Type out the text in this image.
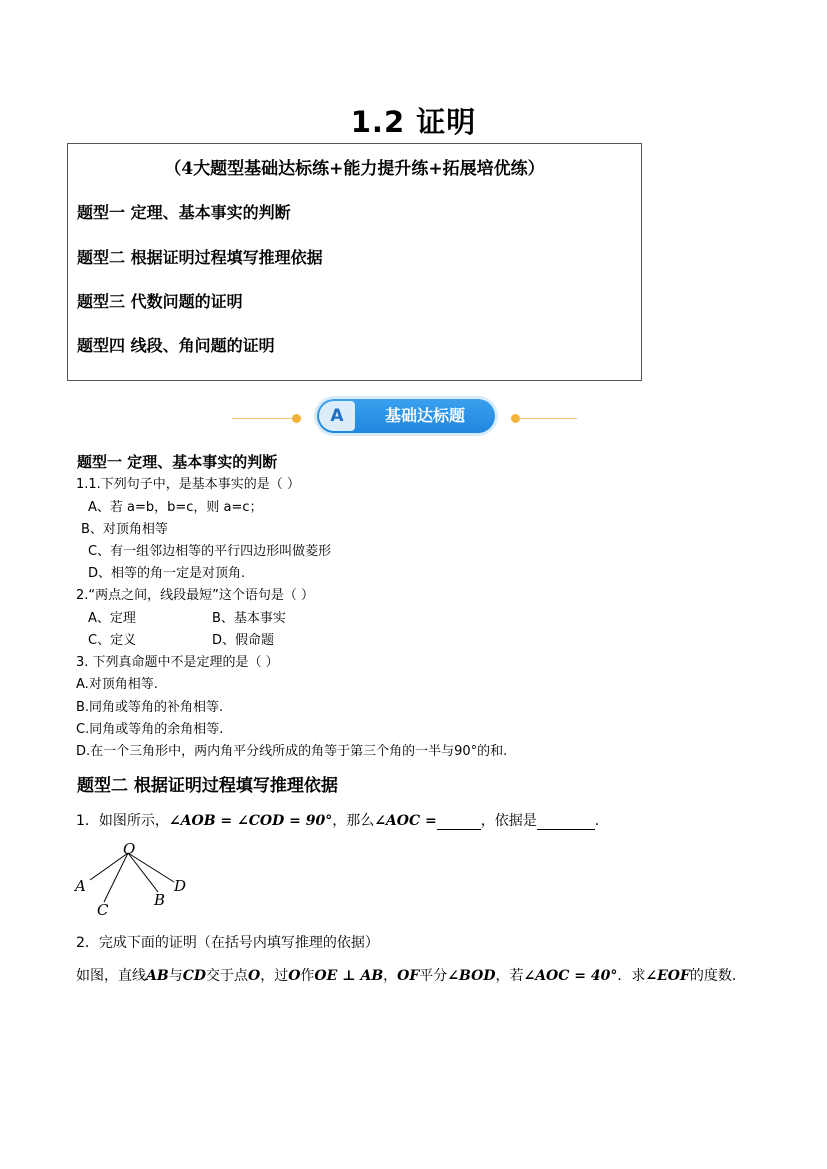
1.2 证明
（4大题型基础达标练+能力提升练+拓展培优练）
题型一 定理、基本事实的判断
题型二 根据证明过程填写推理依据
题型三 代数问题的证明
题型四 线段、角问题的证明
A	基础达标题
题型一 定理、基本事实的判断
1.1.下列句子中，是基本事实的是（ ）
A、若 a=b，b=c，则 a=c；
B、对顶角相等
C、有一组邻边相等的平行四边形叫做菱形
D、相等的角一定是对顶角.
2.“两点之间，线段最短”这个语句是（ ）
A、定理	B、基本事实
C、定义	D、假命题
3. 下列真命题中不是定理的是（ ）
A.对顶角相等.
B.同角或等角的补角相等.
C.同角或等角的余角相等.
D.在一个三角形中，两内角平分线所成的角等于第三个角的一半与90°的和.
题型二 根据证明过程填写推理依据
1．如图所示，∠AOB = ∠COD = 90°，那么∠AOC =	，依据是	.
O
A
C
B
D
2．完成下面的证明（在括号内填写推理的依据）
如图，直线AB与CD交于点O，过O作OE ⊥ AB，OF平分∠BOD，若∠AOC = 40°．求∠EOF的度数.
